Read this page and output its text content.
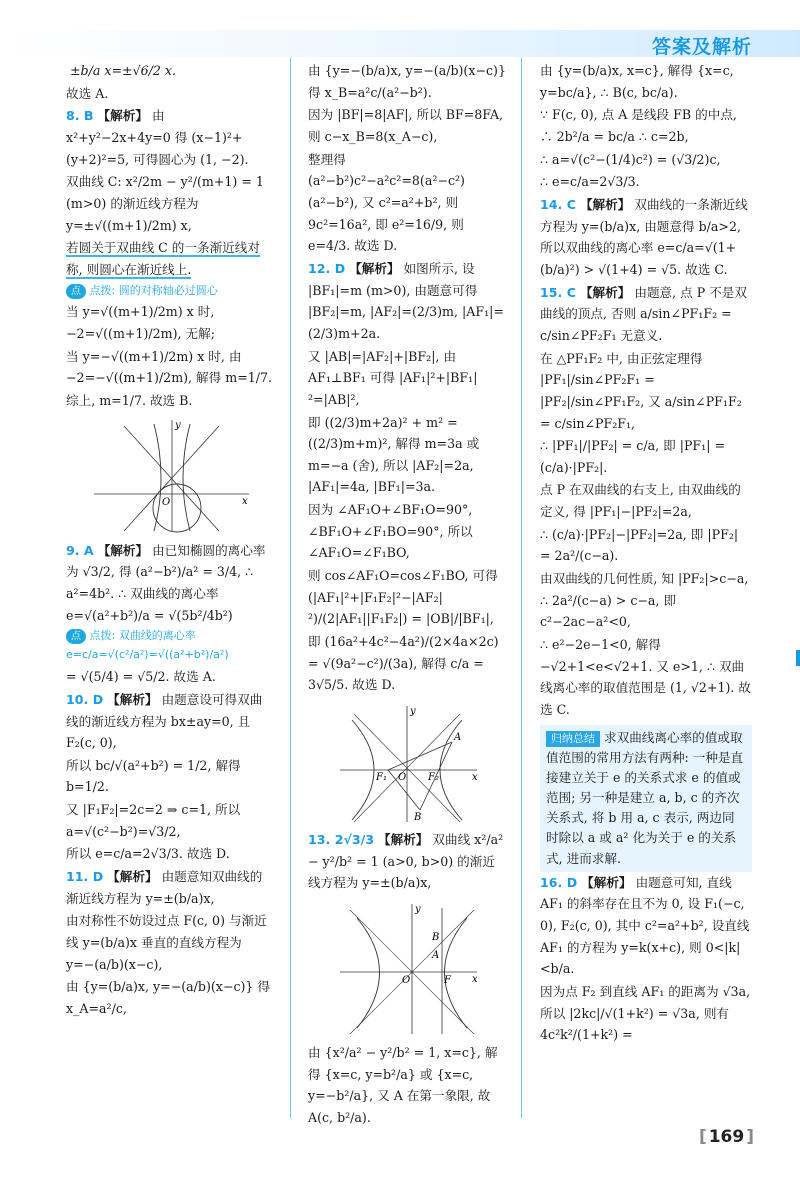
答案及解析

±b/a x=±√6/2 x.

故选 A.

8. B 【解析】 由 x²+y²−2x+4y=0 得 (x−1)²+(y+2)²=5, 可得圆心为 (1, −2).

双曲线 C: x²/2m − y²/(m+1) = 1 (m>0) 的渐近线方程为 y=±√((m+1)/2m) x,

若圆关于双曲线 C 的一条渐近线对称, 则圆心在渐近线上.

点 点拨: 圆的对称轴必过圆心

当 y=√((m+1)/2m) x 时, −2=√((m+1)/2m), 无解;

当 y=−√((m+1)/2m) x 时, 由 −2=−√((m+1)/2m), 解得 m=1/7.

综上, m=1/7. 故选 B.

y
O	x

9. A 【解析】 由已知椭圆的离心率为 √3/2, 得 (a²−b²)/a² = 3/4, ∴ a²=4b². ∴ 双曲线的离心率 e=√(a²+b²)/a = √(5b²/4b²)

点 点拨: 双曲线的离心率 e=c/a=√(c²/a²)=√((a²+b²)/a²)

= √(5/4) = √5/2. 故选 A.

10. D 【解析】 由题意设可得双曲线的渐近线方程为 bx±ay=0, 且 F₂(c, 0),

所以 bc/√(a²+b²) = 1/2, 解得 b=1/2.

又 |F₁F₂|=2c=2 ⇒ c=1, 所以 a=√(c²−b²)=√3/2,

所以 e=c/a=2√3/3. 故选 D.

11. D 【解析】 由题意知双曲线的渐近线方程为 y=±(b/a)x,

由对称性不妨设过点 F(c, 0) 与渐近线 y=(b/a)x 垂直的直线方程为 y=−(a/b)(x−c),

由 {y=(b/a)x, y=−(a/b)(x−c)} 得 x_A=a²/c,

由 {y=−(b/a)x, y=−(a/b)(x−c)} 得 x_B=a²c/(a²−b²).

因为 |BF|=8|AF|, 所以 BF=8FA, 则 c−x_B=8(x_A−c),

整理得 (a²−b²)c²−a²c²=8(a²−c²)(a²−b²), 又 c²=a²+b², 则 9c²=16a², 即 e²=16/9, 则 e=4/3. 故选 D.

12. D 【解析】 如图所示, 设 |BF₁|=m (m>0), 由题意可得 |BF₂|=m, |AF₂|=(2/3)m, |AF₁|=(2/3)m+2a.

又 |AB|=|AF₂|+|BF₂|, 由 AF₁⊥BF₁ 可得 |AF₁|²+|BF₁|²=|AB|²,

即 ((2/3)m+2a)² + m² = ((2/3)m+m)², 解得 m=3a 或 m=−a (舍), 所以 |AF₂|=2a, |AF₁|=4a, |BF₁|=3a.

因为 ∠AF₁O+∠BF₁O=90°, ∠BF₁O+∠F₁BO=90°, 所以 ∠AF₁O=∠F₁BO,

则 cos∠AF₁O=cos∠F₁BO, 可得 (|AF₁|²+|F₁F₂|²−|AF₂|²)/(2|AF₁||F₁F₂|) = |OB|/|BF₁|,

即 (16a²+4c²−4a²)/(2×4a×2c) = √(9a²−c²)/(3a), 解得 c/a = 3√5/5. 故选 D.

y
A
F₁ O F₂	x
B

13. 2√3/3 【解析】 双曲线 x²/a² − y²/b² = 1 (a>0, b>0) 的渐近线方程为 y=±(b/a)x,

y
B
A
O	F x

由 {x²/a² − y²/b² = 1, x=c}, 解得 {x=c, y=b²/a} 或 {x=c, y=−b²/a}, 又 A 在第一象限, 故 A(c, b²/a).

由 {y=(b/a)x, x=c}, 解得 {x=c, y=bc/a}, ∴ B(c, bc/a).

∵ F(c, 0), 点 A 是线段 FB 的中点, ∴ 2b²/a = bc/a ∴ c=2b,

∴ a=√(c²−(1/4)c²) = (√3/2)c,

∴ e=c/a=2√3/3.

14. C 【解析】 双曲线的一条渐近线方程为 y=(b/a)x, 由题意得 b/a>2, 所以双曲线的离心率 e=c/a=√(1+(b/a)²) > √(1+4) = √5. 故选 C.

15. C 【解析】 由题意, 点 P 不是双曲线的顶点, 否则 a/sin∠PF₁F₂ = c/sin∠PF₂F₁ 无意义.

在 △PF₁F₂ 中, 由正弦定理得 |PF₁|/sin∠PF₂F₁ = |PF₂|/sin∠PF₁F₂, 又 a/sin∠PF₁F₂ = c/sin∠PF₂F₁,

∴ |PF₁|/|PF₂| = c/a, 即 |PF₁| = (c/a)·|PF₂|.

点 P 在双曲线的右支上, 由双曲线的定义, 得 |PF₁|−|PF₂|=2a,

∴ (c/a)·|PF₂|−|PF₂|=2a, 即 |PF₂| = 2a²/(c−a).

由双曲线的几何性质, 知 |PF₂|>c−a, ∴ 2a²/(c−a) > c−a, 即 c²−2ac−a²<0,

∴ e²−2e−1<0, 解得 −√2+1<e<√2+1. 又 e>1, ∴ 双曲线离心率的取值范围是 (1, √2+1). 故选 C.

归纳总结 求双曲线离心率的值或取值范围的常用方法有两种: 一种是直接建立关于 e 的关系式求 e 的值或范围; 另一种是建立 a, b, c 的齐次关系式, 将 b 用 a, c 表示, 两边同时除以 a 或 a² 化为关于 e 的关系式, 进而求解.

16. D 【解析】 由题意可知, 直线 AF₁ 的斜率存在且不为 0, 设 F₁(−c, 0), F₂(c, 0), 其中 c²=a²+b², 设直线 AF₁ 的方程为 y=k(x+c), 则 0<|k|<b/a.

因为点 F₂ 到直线 AF₁ 的距离为 √3a, 所以 |2kc|/√(1+k²) = √3a, 则有 4c²k²/(1+k²) =

[ 169 ]
